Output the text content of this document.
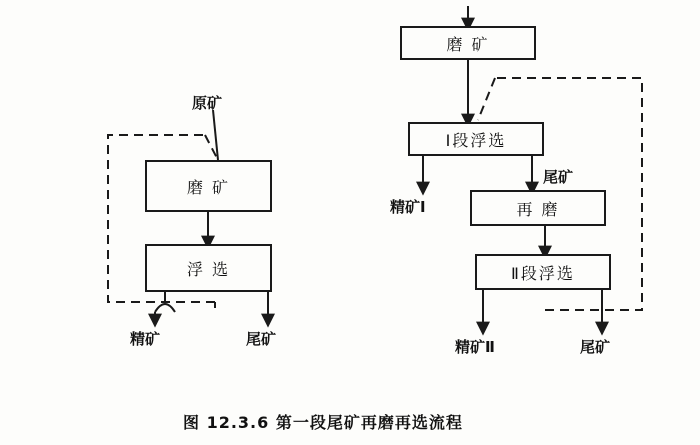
磨 矿
浮 选
原矿
精矿	尾矿
磨 矿
Ⅰ段浮选
再 磨
Ⅱ段浮选
尾矿
精矿Ⅰ
精矿Ⅱ	尾矿
图 12.3.6 第一段尾矿再磨再选流程
